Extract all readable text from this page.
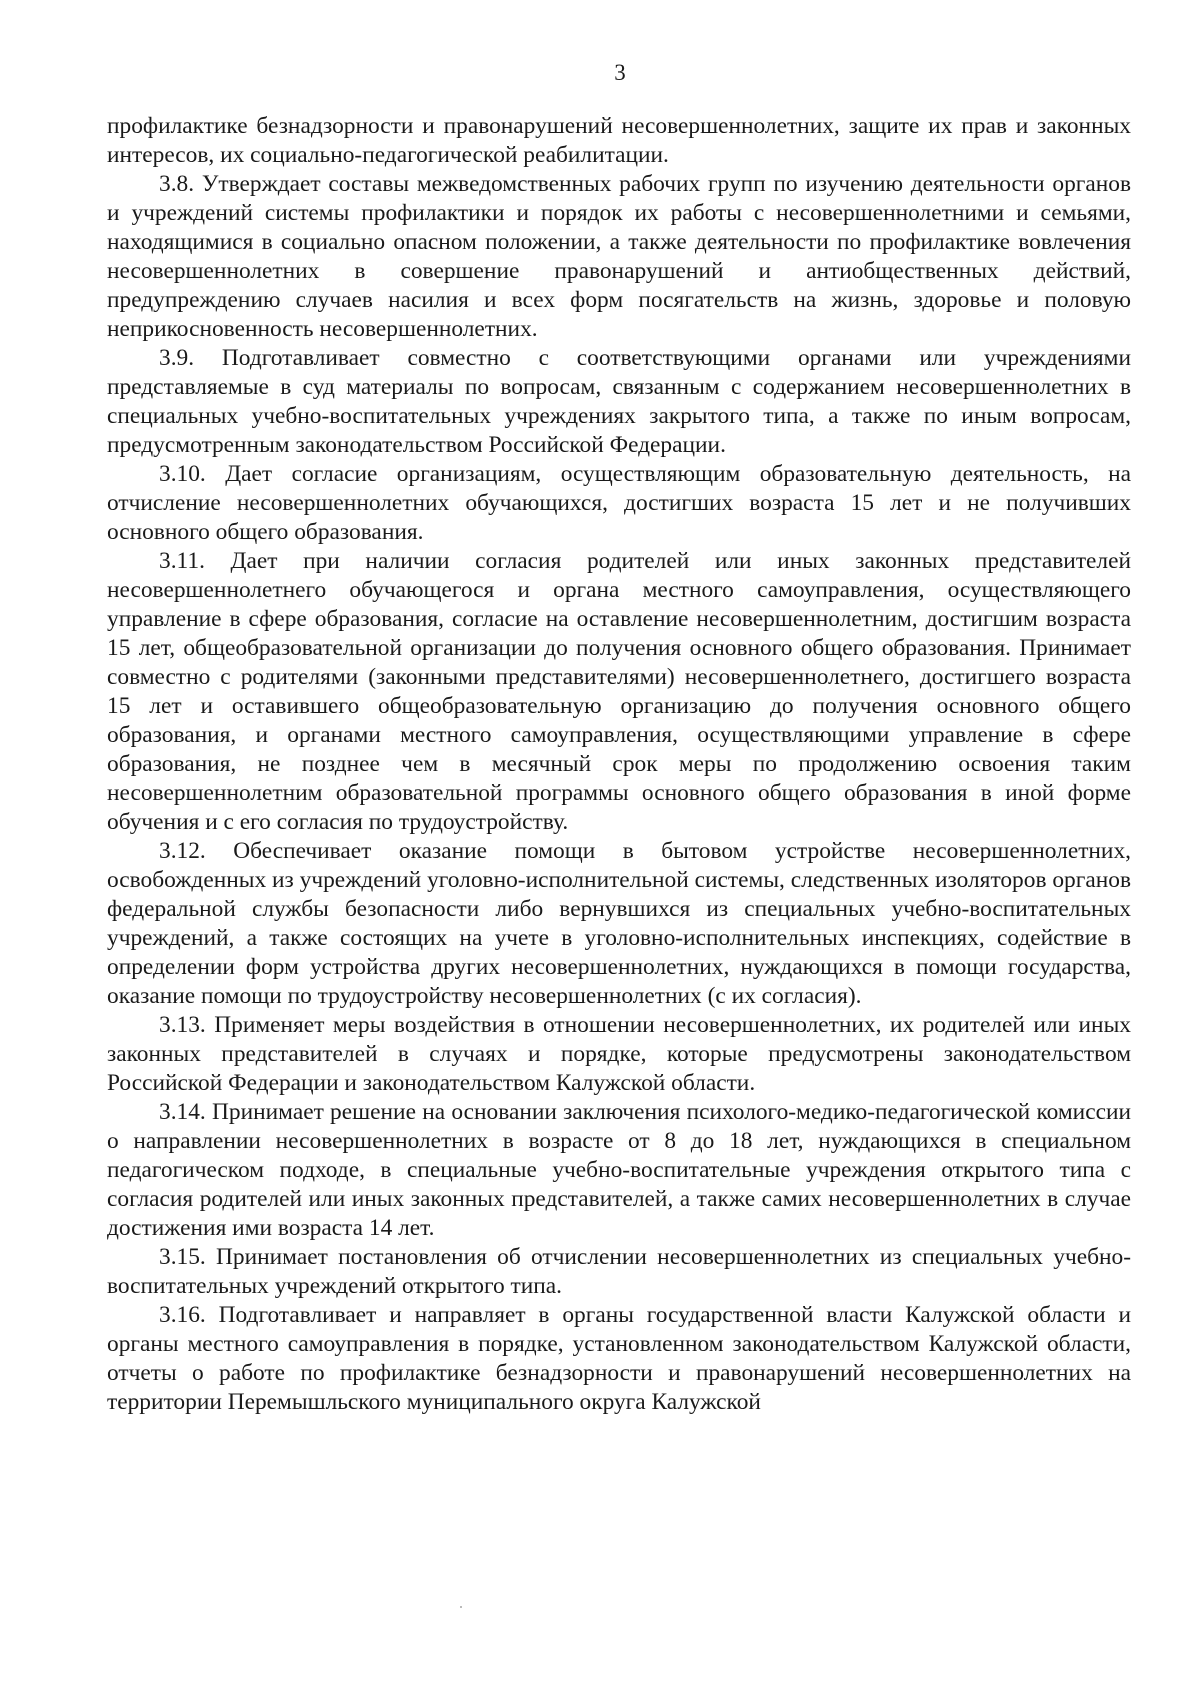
3

профилактике безнадзорности и правонарушений несовершеннолетних, защите их прав и законных интересов, их социально-педагогической реабилитации.

3.8. Утверждает составы межведомственных рабочих групп по изучению деятельности органов и учреждений системы профилактики и порядок их работы с несовершеннолетними и семьями, находящимися в социально опасном положении, а также деятельности по профилактике вовлечения несовершеннолетних в совершение правонарушений и антиобщественных действий, предупреждению случаев насилия и всех форм посягательств на жизнь, здоровье и половую неприкосновенность несовершеннолетних.

3.9. Подготавливает совместно с соответствующими органами или учреждениями представляемые в суд материалы по вопросам, связанным с содержанием несовершеннолетних в специальных учебно-воспитательных учреждениях закрытого типа, а также по иным вопросам, предусмотренным законодательством Российской Федерации.

3.10. Дает согласие организациям, осуществляющим образовательную деятельность, на отчисление несовершеннолетних обучающихся, достигших возраста 15 лет и не получивших основного общего образования.

3.11. Дает при наличии согласия родителей или иных законных представителей несовершеннолетнего обучающегося и органа местного самоуправления, осуществляющего управление в сфере образования, согласие на оставление несовершеннолетним, достигшим возраста 15 лет, общеобразовательной организации до получения основного общего образования. Принимает совместно с родителями (законными представителями) несовершеннолетнего, достигшего возраста 15 лет и оставившего общеобразовательную организацию до получения основного общего образования, и органами местного самоуправления, осуществляющими управление в сфере образования, не позднее чем в месячный срок меры по продолжению освоения таким несовершеннолетним образовательной программы основного общего образования в иной форме обучения и с его согласия по трудоустройству.

3.12. Обеспечивает оказание помощи в бытовом устройстве несовершеннолетних, освобожденных из учреждений уголовно-исполнительной системы, следственных изоляторов органов федеральной службы безопасности либо вернувшихся из специальных учебно-воспитательных учреждений, а также состоящих на учете в уголовно-исполнительных инспекциях, содействие в определении форм устройства других несовершеннолетних, нуждающихся в помощи государства, оказание помощи по трудоустройству несовершеннолетних (с их согласия).

3.13. Применяет меры воздействия в отношении несовершеннолетних, их родителей или иных законных представителей в случаях и порядке, которые предусмотрены законодательством Российской Федерации и законодательством Калужской области.

3.14. Принимает решение на основании заключения психолого-медико-педагогической комиссии о направлении несовершеннолетних в возрасте от 8 до 18 лет, нуждающихся в специальном педагогическом подходе, в специальные учебно-воспитательные учреждения открытого типа с согласия родителей или иных законных представителей, а также самих несовершеннолетних в случае достижения ими возраста 14 лет.

3.15. Принимает постановления об отчислении несовершеннолетних из специальных учебно-воспитательных учреждений открытого типа.

3.16. Подготавливает и направляет в органы государственной власти Калужской области и органы местного самоуправления в порядке, установленном законодательством Калужской области, отчеты о работе по профилактике безнадзорности и правонарушений несовершеннолетних на территории Перемышльского муниципального округа Калужской
